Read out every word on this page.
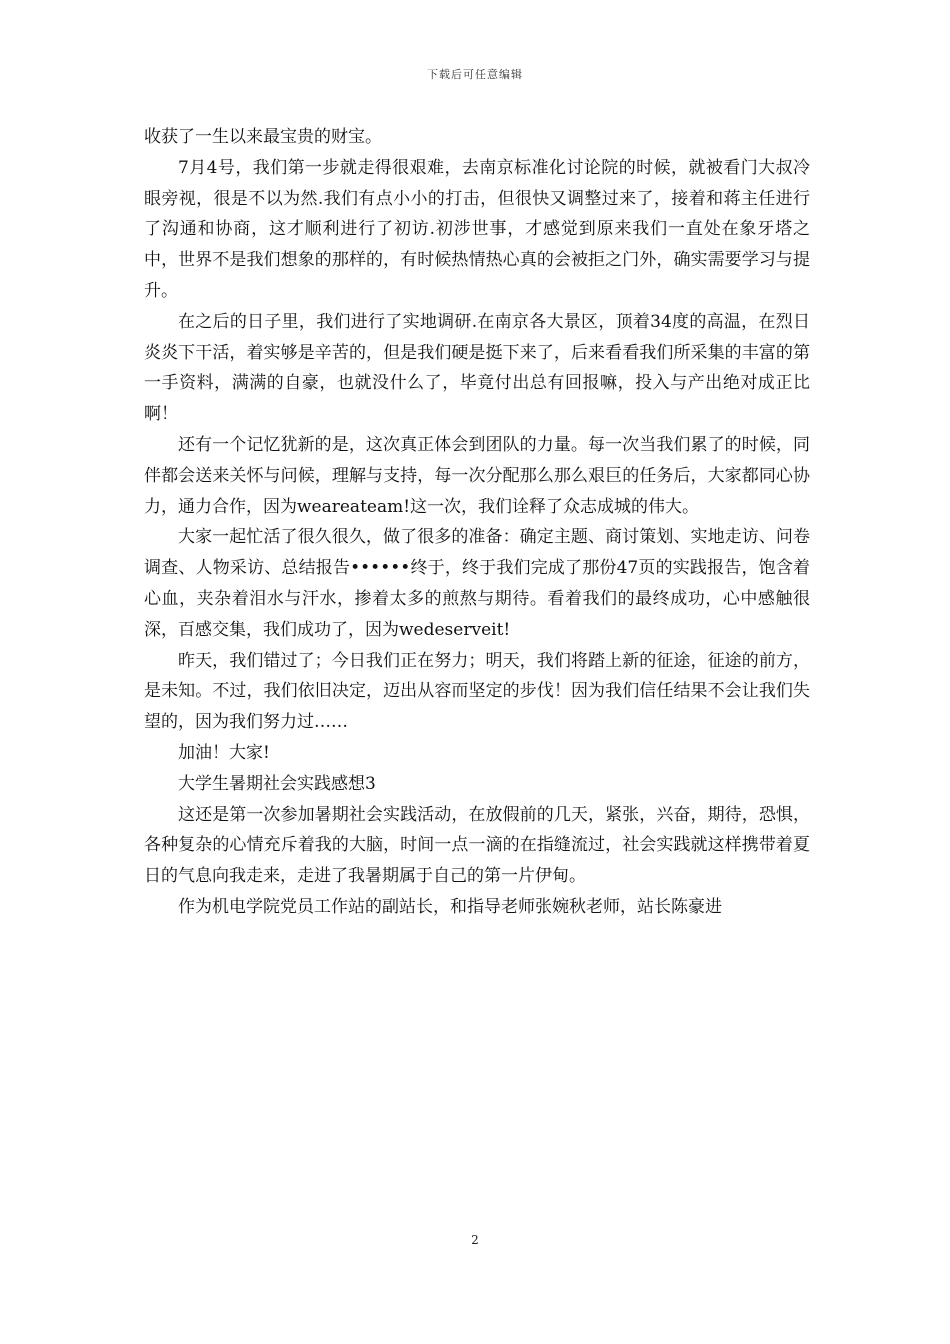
下载后可任意编辑

收获了一生以来最宝贵的财宝。

7月4号，我们第一步就走得很艰难，去南京标准化讨论院的时候，就被看门大叔冷眼旁视，很是不以为然.我们有点小小的打击，但很快又调整过来了，接着和蒋主任进行了沟通和协商，这才顺利进行了初访.初涉世事，才感觉到原来我们一直处在象牙塔之中，世界不是我们想象的那样的，有时候热情热心真的会被拒之门外，确实需要学习与提升。

在之后的日子里，我们进行了实地调研.在南京各大景区，顶着34度的高温，在烈日炎炎下干活，着实够是辛苦的，但是我们硬是挺下来了，后来看看我们所采集的丰富的第一手资料，满满的自豪，也就没什么了，毕竟付出总有回报嘛，投入与产出绝对成正比啊！

还有一个记忆犹新的是，这次真正体会到团队的力量。每一次当我们累了的时候，同伴都会送来关怀与问候，理解与支持，每一次分配那么那么艰巨的任务后，大家都同心协力，通力合作，因为weareateam!这一次，我们诠释了众志成城的伟大。

大家一起忙活了很久很久，做了很多的准备：确定主题、商讨策划、实地走访、问卷调查、人物采访、总结报告••••••终于，终于我们完成了那份47页的实践报告，饱含着心血，夹杂着泪水与汗水，掺着太多的煎熬与期待。看着我们的最终成功，心中感触很深，百感交集，我们成功了，因为wedeserveit!

昨天，我们错过了；今日我们正在努力；明天，我们将踏上新的征途，征途的前方，是未知。不过，我们依旧决定，迈出从容而坚定的步伐！因为我们信任结果不会让我们失望的，因为我们努力过……

加油！大家!

大学生暑期社会实践感想3

这还是第一次参加暑期社会实践活动，在放假前的几天，紧张，兴奋，期待，恐惧，各种复杂的心情充斥着我的大脑，时间一点一滴的在指缝流过，社会实践就这样携带着夏日的气息向我走来，走进了我暑期属于自己的第一片伊甸。

作为机电学院党员工作站的副站长，和指导老师张婉秋老师，站长陈豪进

2
